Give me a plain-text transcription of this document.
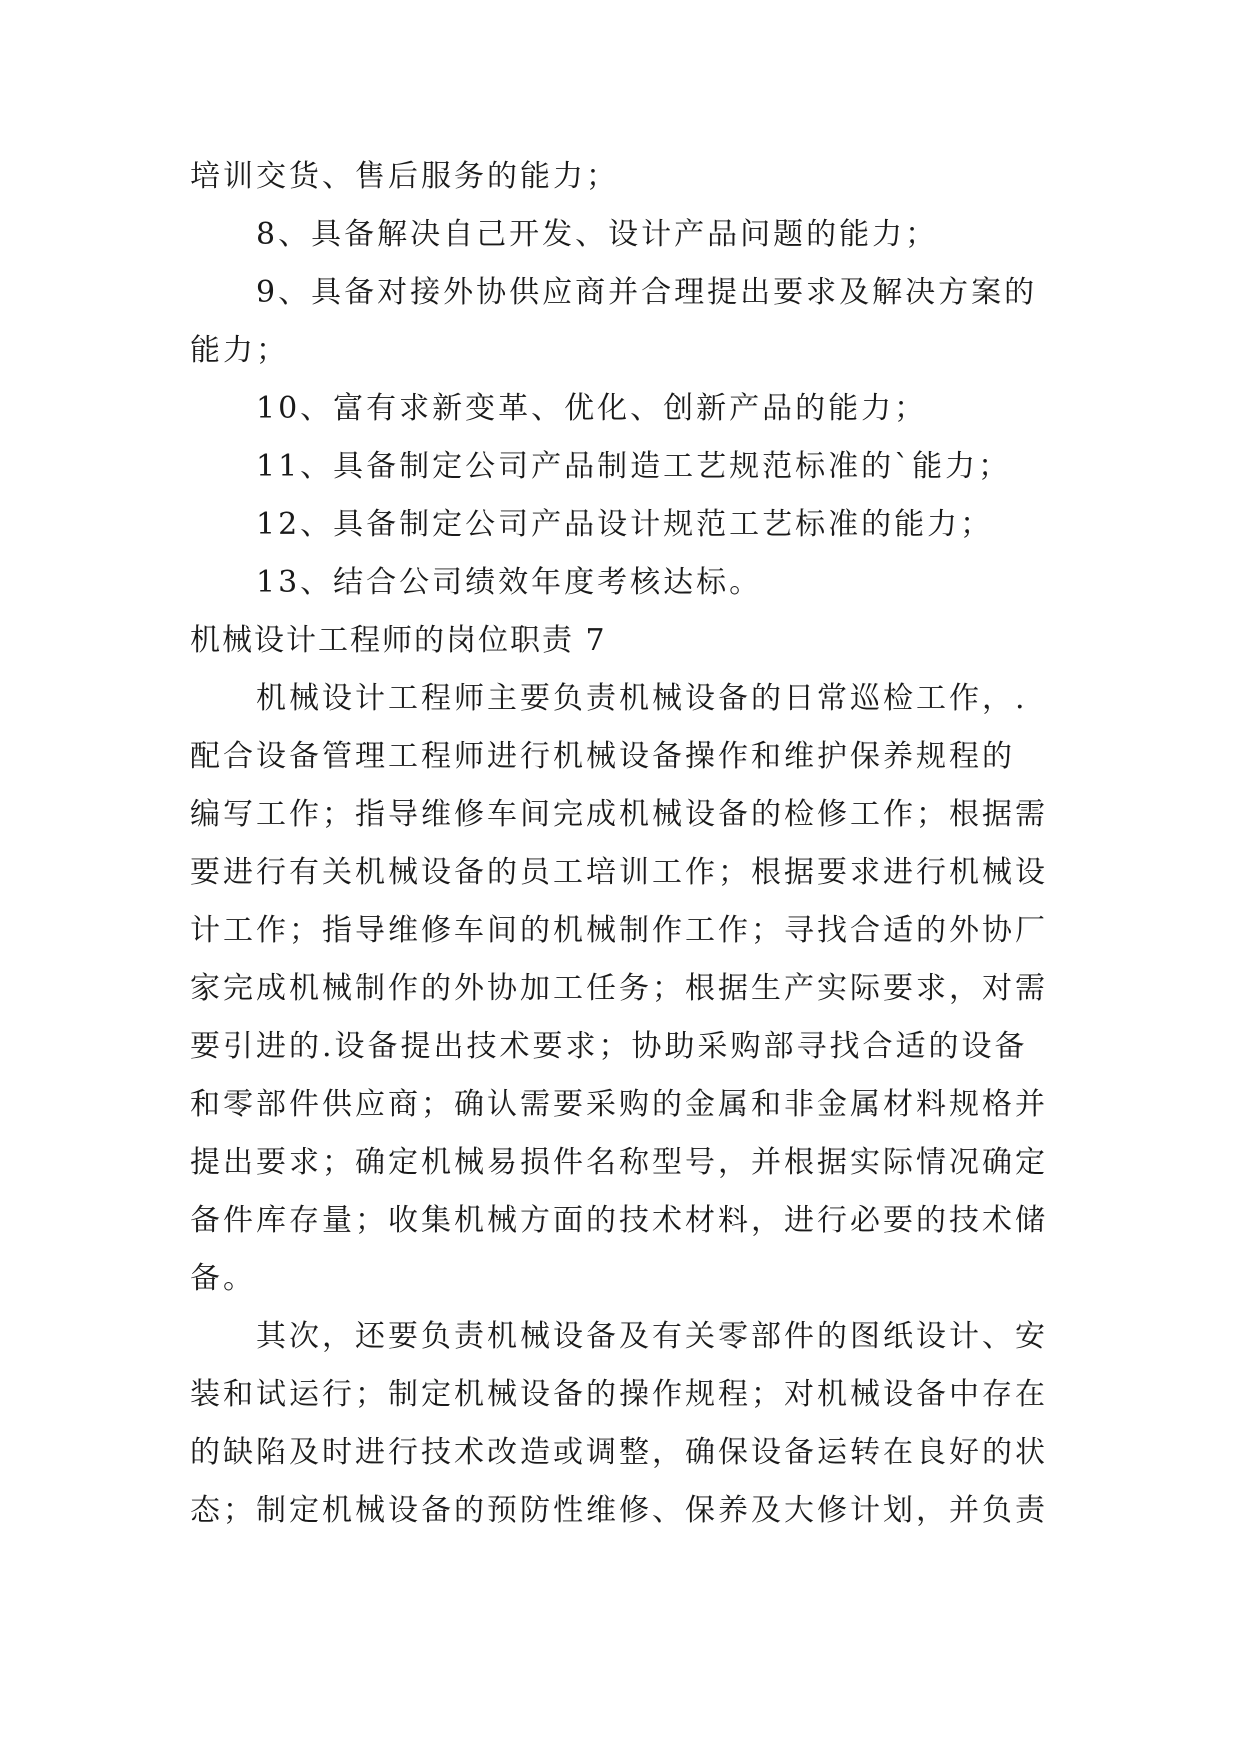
培训交货、售后服务的能力；
8、具备解决自己开发、设计产品问题的能力；
9、具备对接外协供应商并合理提出要求及解决方案的
能力；
10、富有求新变革、优化、创新产品的能力；
11、具备制定公司产品制造工艺规范标准的`能力；
12、具备制定公司产品设计规范工艺标准的能力；
13、结合公司绩效年度考核达标。
机械设计工程师的岗位职责 7
机械设计工程师主要负责机械设备的日常巡检工作，.
配合设备管理工程师进行机械设备操作和维护保养规程的
编写工作；指导维修车间完成机械设备的检修工作；根据需
要进行有关机械设备的员工培训工作；根据要求进行机械设
计工作；指导维修车间的机械制作工作；寻找合适的外协厂
家完成机械制作的外协加工任务；根据生产实际要求，对需
要引进的.设备提出技术要求；协助采购部寻找合适的设备
和零部件供应商；确认需要采购的金属和非金属材料规格并
提出要求；确定机械易损件名称型号，并根据实际情况确定
备件库存量；收集机械方面的技术材料，进行必要的技术储
备。
其次，还要负责机械设备及有关零部件的图纸设计、安
装和试运行；制定机械设备的操作规程；对机械设备中存在
的缺陷及时进行技术改造或调整，确保设备运转在良好的状
态；制定机械设备的预防性维修、保养及大修计划，并负责
